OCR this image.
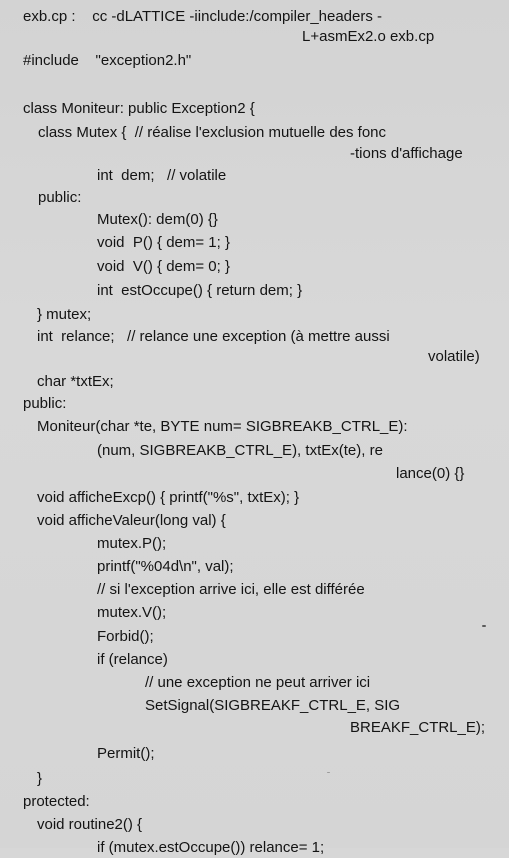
exb.cp :    cc -dLATTICE -iinclude:/compiler_headers -
L+asmEx2.o exb.cp
#include    "exception2.h"
class Moniteur: public Exception2 {
class Mutex {  // réalise l'exclusion mutuelle des fonc
-tions d'affichage
int  dem;   // volatile
public:
Mutex(): dem(0) {}
void  P() { dem= 1; }
void  V() { dem= 0; }
int  estOccupe() { return dem; }
} mutex;
int  relance;   // relance une exception (à mettre aussi
volatile)
char *txtEx;
public:
Moniteur(char *te, BYTE num= SIGBREAKB_CTRL_E):
(num, SIGBREAKB_CTRL_E), txtEx(te), re
lance(0) {}
void afficheExcp() { printf("%s", txtEx); }
void afficheValeur(long val) {
mutex.P();
printf("%04d\n", val);
// si l'exception arrive ici, elle est différée
mutex.V();
Forbid();
if (relance)
// une exception ne peut arriver ici
SetSignal(SIGBREAKF_CTRL_E, SIG
BREAKF_CTRL_E);
Permit();
}
protected:
void routine2() {
if (mutex.estOccupe()) relance= 1;
